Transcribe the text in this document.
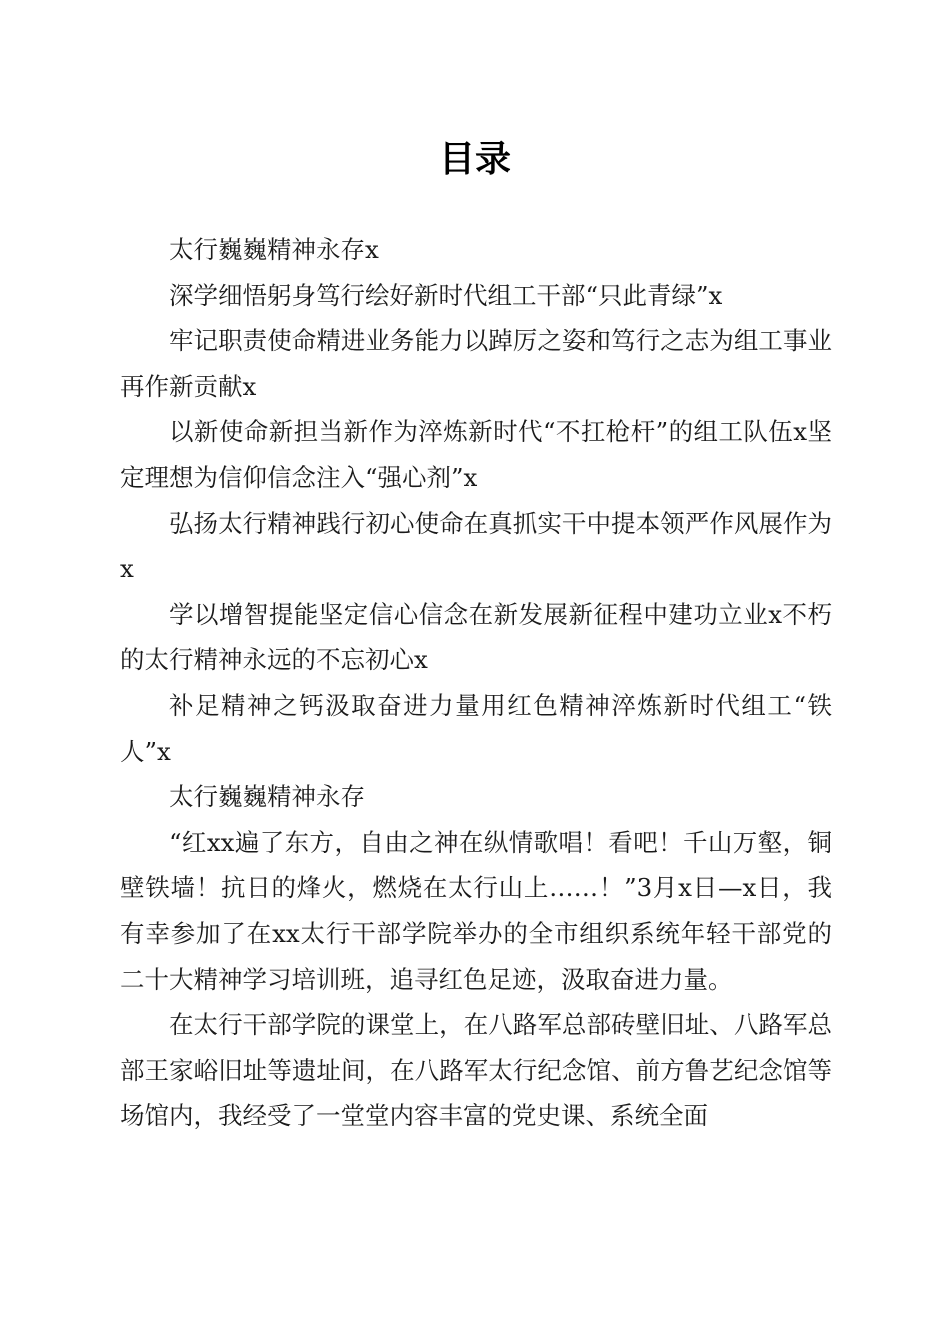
目录

太行巍巍精神永存x

深学细悟躬身笃行绘好新时代组工干部“只此青绿”x

牢记职责使命精进业务能力以踔厉之姿和笃行之志为组工事业再作新贡献x

以新使命新担当新作为淬炼新时代“不扛枪杆”的组工队伍x坚定理想为信仰信念注入“强心剂”x

弘扬太行精神践行初心使命在真抓实干中提本领严作风展作为x

学以增智提能坚定信心信念在新发展新征程中建功立业x不朽的太行精神永远的不忘初心x

补足精神之钙汲取奋进力量用红色精神淬炼新时代组工“铁人”x

太行巍巍精神永存

“红xx遍了东方，自由之神在纵情歌唱！看吧！千山万壑，铜壁铁墙！抗日的烽火，燃烧在太行山上……！”3月x日—x日，我有幸参加了在xx太行干部学院举办的全市组织系统年轻干部党的二十大精神学习培训班，追寻红色足迹，汲取奋进力量。

在太行干部学院的课堂上，在八路军总部砖壁旧址、八路军总部王家峪旧址等遗址间，在八路军太行纪念馆、前方鲁艺纪念馆等场馆内，我经受了一堂堂内容丰富的党史课、系统全面
